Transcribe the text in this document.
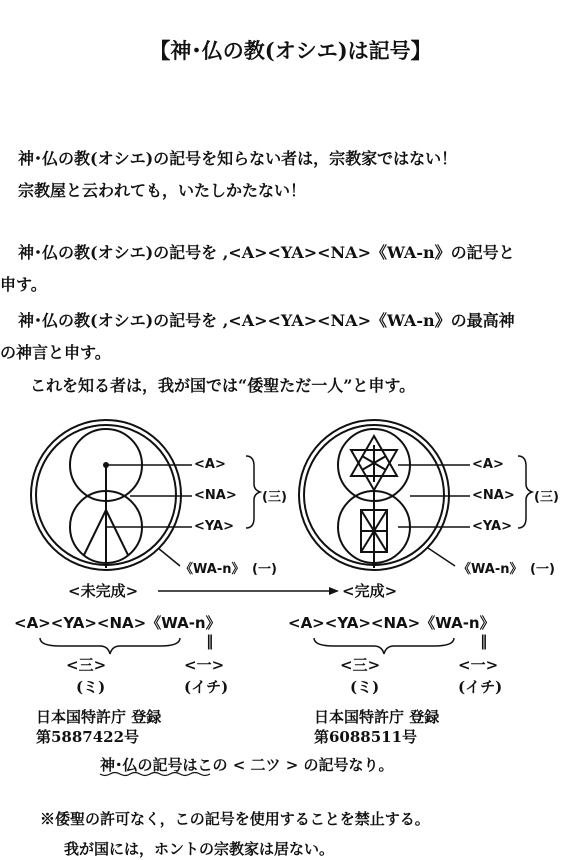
【神･仏の教(オシエ)は記号】
神･仏の教(オシエ)の記号を知らない者は，宗教家ではない！
宗教屋と云われても，いたしかたない！
神･仏の教(オシエ)の記号を ,<A><YA><NA>《WA-n》の記号と
申す。
神･仏の教(オシエ)の記号を ,<A><YA><NA>《WA-n》の最高神
の神言と申す。
これを知る者は，我が国では“倭聖ただ一人”と申す。
<A>
<NA>
<YA>
(三)
《WA-n》 (一)
<A>
<NA>
<YA>
(三)
《WA-n》 (一)
<未完成>	<完成>
<A><YA><NA>《WA-n》	<A><YA><NA>《WA-n》
‖	‖
<三>	<一>	<三>	<一>
(ミ)	(イチ)	(ミ)	(イチ)
日本国特許庁 登録
第5887422号
日本国特許庁 登録
第6088511号
神･仏の記号はこの < 二ツ > の記号なり。
※倭聖の許可なく，この記号を使用することを禁止する。
我が国には，ホントの宗教家は居ない。
